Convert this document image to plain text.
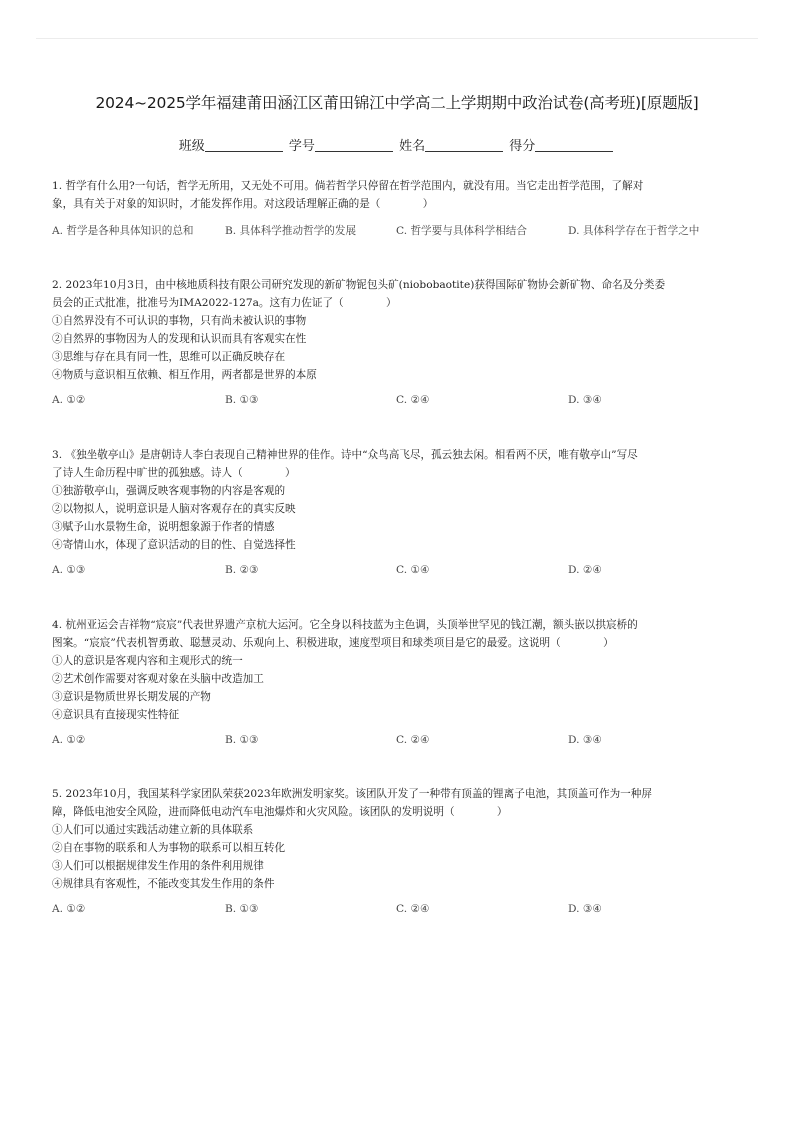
2024~2025学年福建莆田涵江区莆田锦江中学高二上学期期中政治试卷(高考班)[原题版]
班级	学号	姓名	得分
1. 哲学有什么用?一句话，哲学无所用，又无处不可用。倘若哲学只停留在哲学范围内，就没有用。当它走出哲学范围，了解对
象，具有关于对象的知识时，才能发挥作用。对这段话理解正确的是（　　　　）
A. 哲学是各种具体知识的总和	B. 具体科学推动哲学的发展	C. 哲学要与具体科学相结合	D. 具体科学存在于哲学之中
2. 2023年10月3日，由中核地质科技有限公司研究发现的新矿物铌包头矿(niobobaotite)获得国际矿物协会新矿物、命名及分类委
员会的正式批准，批准号为IMA2022-127a。这有力佐证了（　　　　）
①自然界没有不可认识的事物，只有尚未被认识的事物
②自然界的事物因为人的发现和认识而具有客观实在性
③思维与存在具有同一性，思维可以正确反映存在
④物质与意识相互依赖、相互作用，两者都是世界的本原
A. ①②	B. ①③	C. ②④	D. ③④
3. 《独坐敬亭山》是唐朝诗人李白表现自己精神世界的佳作。诗中“众鸟高飞尽，孤云独去闲。相看两不厌，唯有敬亭山”写尽
了诗人生命历程中旷世的孤独感。诗人（　　　　）
①独游敬亭山，强调反映客观事物的内容是客观的
②以物拟人，说明意识是人脑对客观存在的真实反映
③赋予山水景物生命，说明想象源于作者的情感
④寄情山水，体现了意识活动的目的性、自觉选择性
A. ①③	B. ②③	C. ①④	D. ②④
4. 杭州亚运会吉祥物“宸宸”代表世界遗产京杭大运河。它全身以科技蓝为主色调，头顶举世罕见的钱江潮，额头嵌以拱宸桥的
图案。“宸宸”代表机智勇敢、聪慧灵动、乐观向上、积极进取，速度型项目和球类项目是它的最爱。这说明（　　　　）
①人的意识是客观内容和主观形式的统一
②艺术创作需要对客观对象在头脑中改造加工
③意识是物质世界长期发展的产物
④意识具有直接现实性特征
A. ①②	B. ①③	C. ②④	D. ③④
5. 2023年10月，我国某科学家团队荣获2023年欧洲发明家奖。该团队开发了一种带有顶盖的锂离子电池，其顶盖可作为一种屏
障，降低电池安全风险，进而降低电动汽车电池爆炸和火灾风险。该团队的发明说明（　　　　）
①人们可以通过实践活动建立新的具体联系
②自在事物的联系和人为事物的联系可以相互转化
③人们可以根据规律发生作用的条件利用规律
④规律具有客观性，不能改变其发生作用的条件
A. ①②	B. ①③	C. ②④	D. ③④
